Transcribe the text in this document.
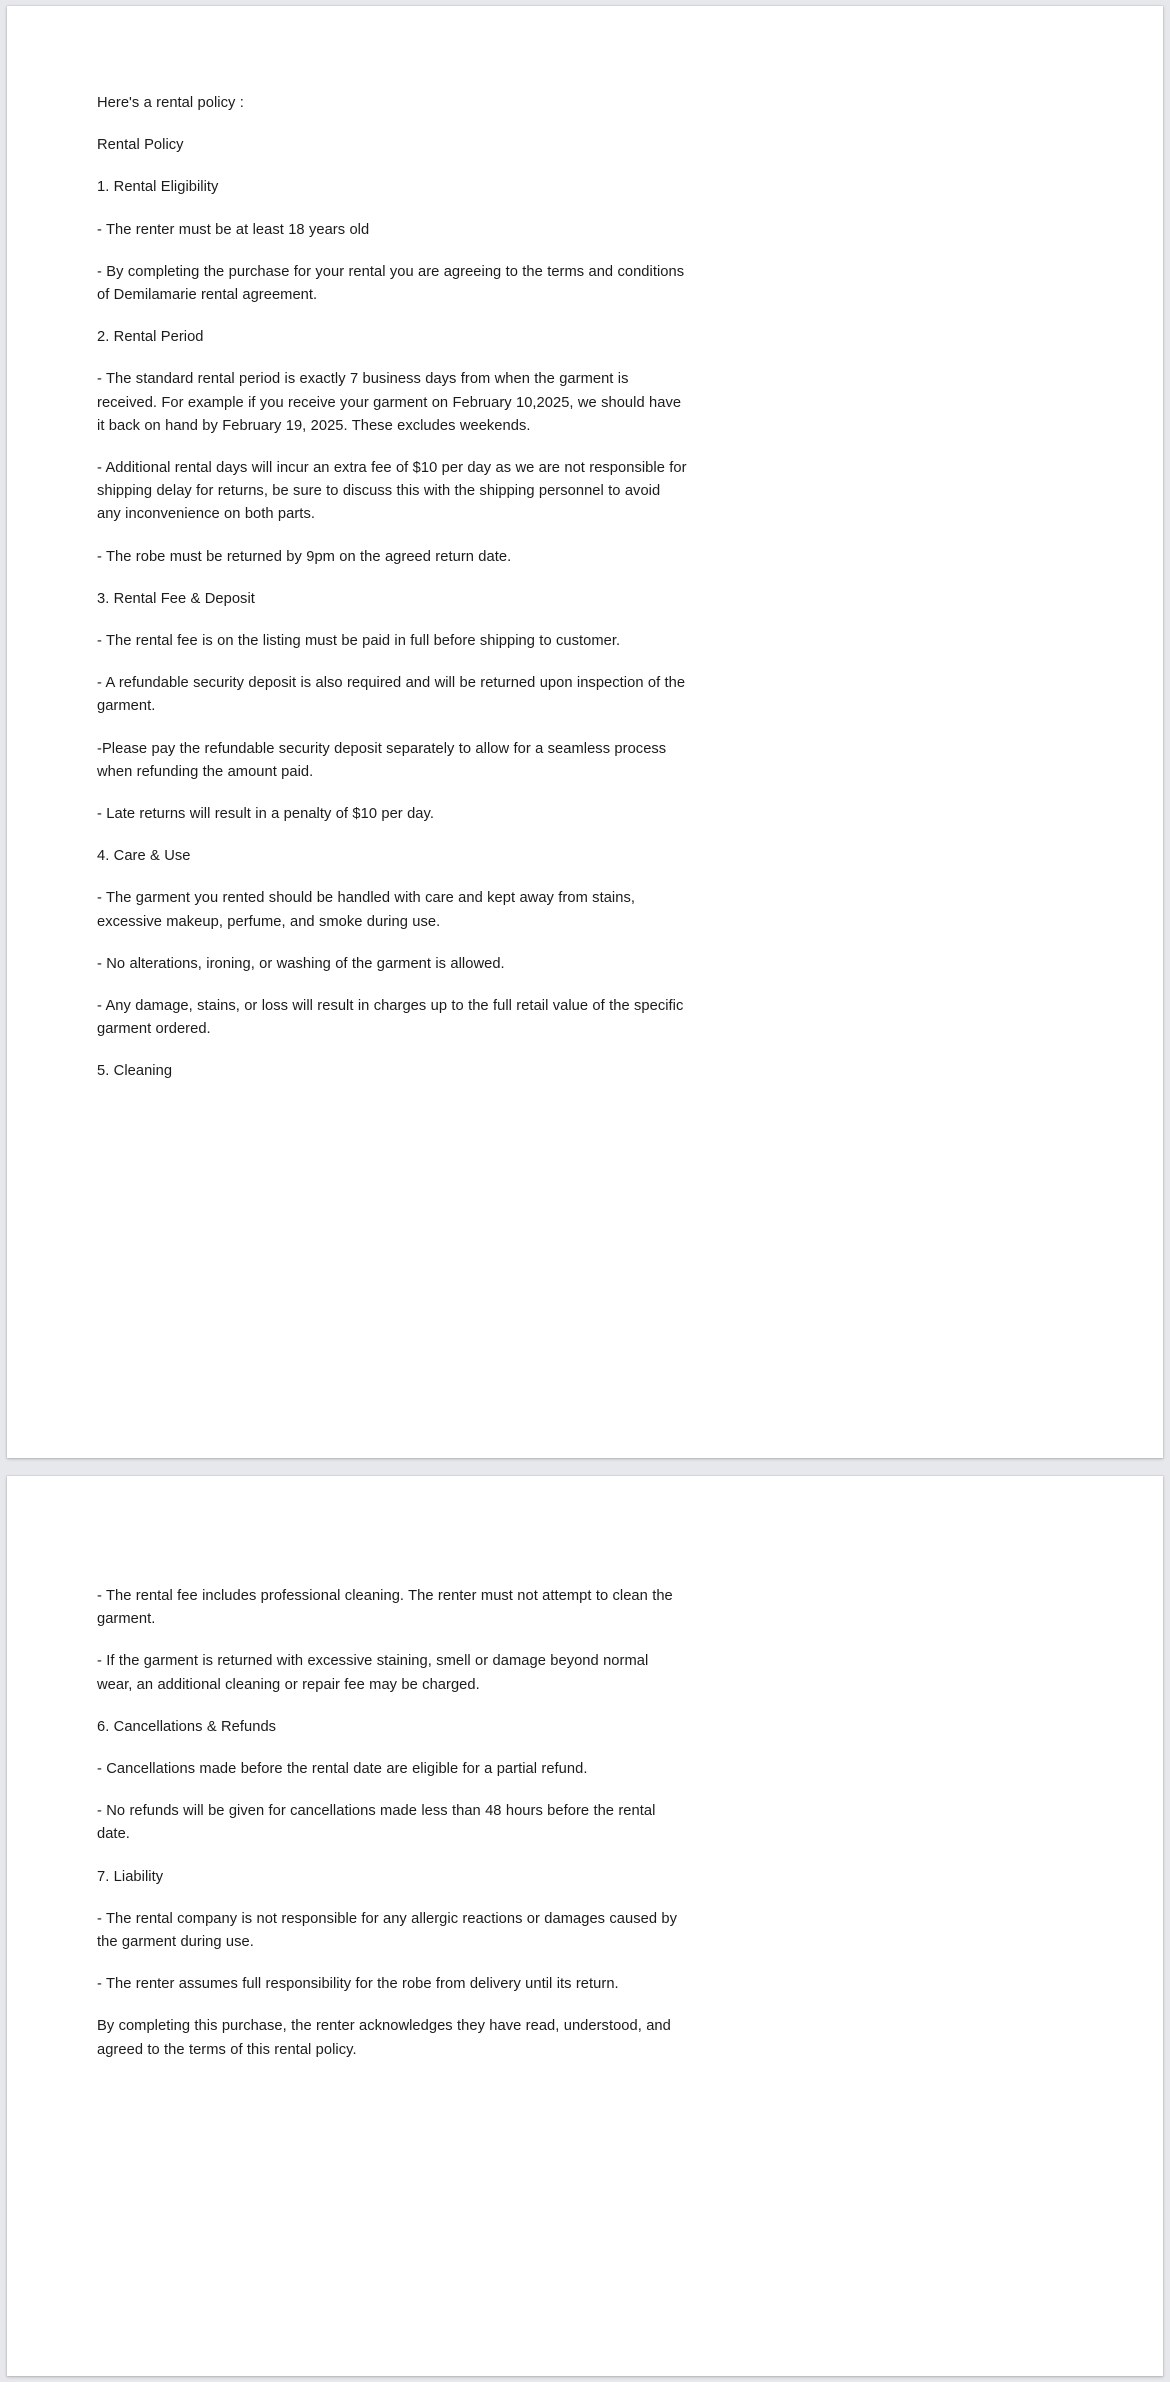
Here's a rental policy :

Rental Policy

1. Rental Eligibility

- The renter must be at least 18 years old

- By completing the purchase for your rental you are agreeing to the terms and conditions of Demilamarie rental agreement.

2. Rental Period

- The standard rental period is exactly 7 business days from when the garment is received. For example if you receive your garment on February 10,2025, we should have it back on hand by February 19, 2025. These excludes weekends.

- Additional rental days will incur an extra fee of $10 per day as we are not responsible for shipping delay for returns, be sure to discuss this with the shipping personnel to avoid any inconvenience on both parts.

- The robe must be returned by 9pm on the agreed return date.

3. Rental Fee & Deposit

- The rental fee is on the listing must be paid in full before shipping to customer.

- A refundable security deposit is also required and will be returned upon inspection of the garment.

-Please pay the refundable security deposit separately to allow for a seamless process when refunding the amount paid.

- Late returns will result in a penalty of $10 per day.

4. Care & Use

- The garment you rented should be handled with care and kept away from stains, excessive makeup, perfume, and smoke during use.

- No alterations, ironing, or washing of the garment is allowed.

- Any damage, stains, or loss will result in charges up to the full retail value of the specific garment ordered.

5. Cleaning

- The rental fee includes professional cleaning. The renter must not attempt to clean the garment.

- If the garment is returned with excessive staining, smell or damage beyond normal wear, an additional cleaning or repair fee may be charged.

6. Cancellations & Refunds

- Cancellations made before the rental date are eligible for a partial refund.

- No refunds will be given for cancellations made less than 48 hours before the rental date.

7. Liability

- The rental company is not responsible for any allergic reactions or damages caused by the garment during use.

- The renter assumes full responsibility for the robe from delivery until its return.

By completing this purchase, the renter acknowledges they have read, understood, and agreed to the terms of this rental policy.
